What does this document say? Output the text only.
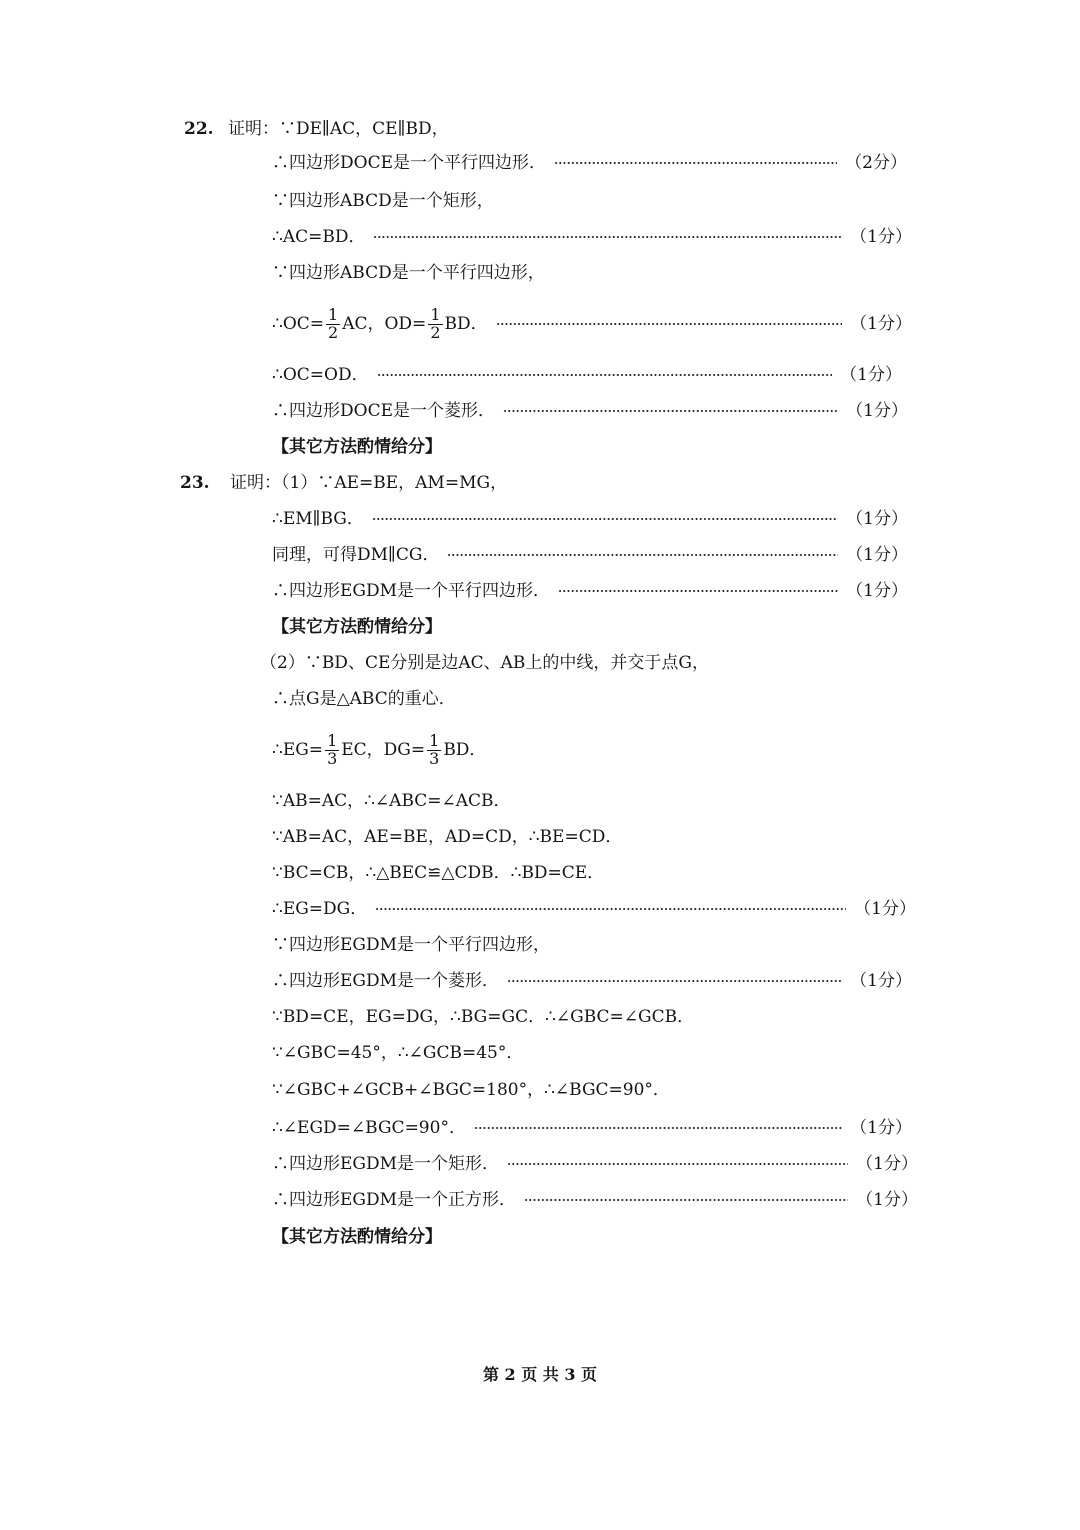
22. 证明：∵DE∥AC，CE∥BD，
∴四边形DOCE是一个平行四边形．	（2分）
∵四边形ABCD是一个矩形，
∴AC=BD．	（1分）
∵四边形ABCD是一个平行四边形，
∴OC= $\frac{1}{2}$ AC，$OD= \frac{1}{2}$ BD．	（1分）
∴OC=OD．	（1分）
∴四边形DOCE是一个菱形．	（1分）
【其它方法酌情给分】
23. 证明：（1）∵AE=BE，AM=MG，
∴EM∥BG．	（1分）
同理，可得DM∥CG．	（1分）
∴四边形EGDM是一个平行四边形．	（1分）
【其它方法酌情给分】
（2）∵BD、CE分别是边AC、AB上的中线，并交于点G，
∴点G是△ABC的重心．
∴EG= $\frac{1}{3}$ EC，$DG= \frac{1}{3}$ BD．
∵AB=AC，∴∠ABC=∠ACB．
∵AB=AC，AE=BE，AD=CD，∴BE=CD．
∵BC=CB，∴△BEC≌△CDB．∴BD=CE．
∴EG=DG．	（1分）
∵四边形EGDM是一个平行四边形，
∴四边形EGDM是一个菱形．	（1分）
∵BD=CE，EG=DG，∴BG=GC．∴∠GBC=∠GCB．
∵∠GBC=45°，∴∠GCB=45°．
∵∠GBC+∠GCB+∠BGC=180°，∴∠BGC=90°．
∴∠EGD=∠BGC=90°．	（1分）
∴四边形EGDM是一个矩形．	（1分）
∴四边形EGDM是一个正方形．	（1分）
【其它方法酌情给分】
第 2 页 共 3 页
